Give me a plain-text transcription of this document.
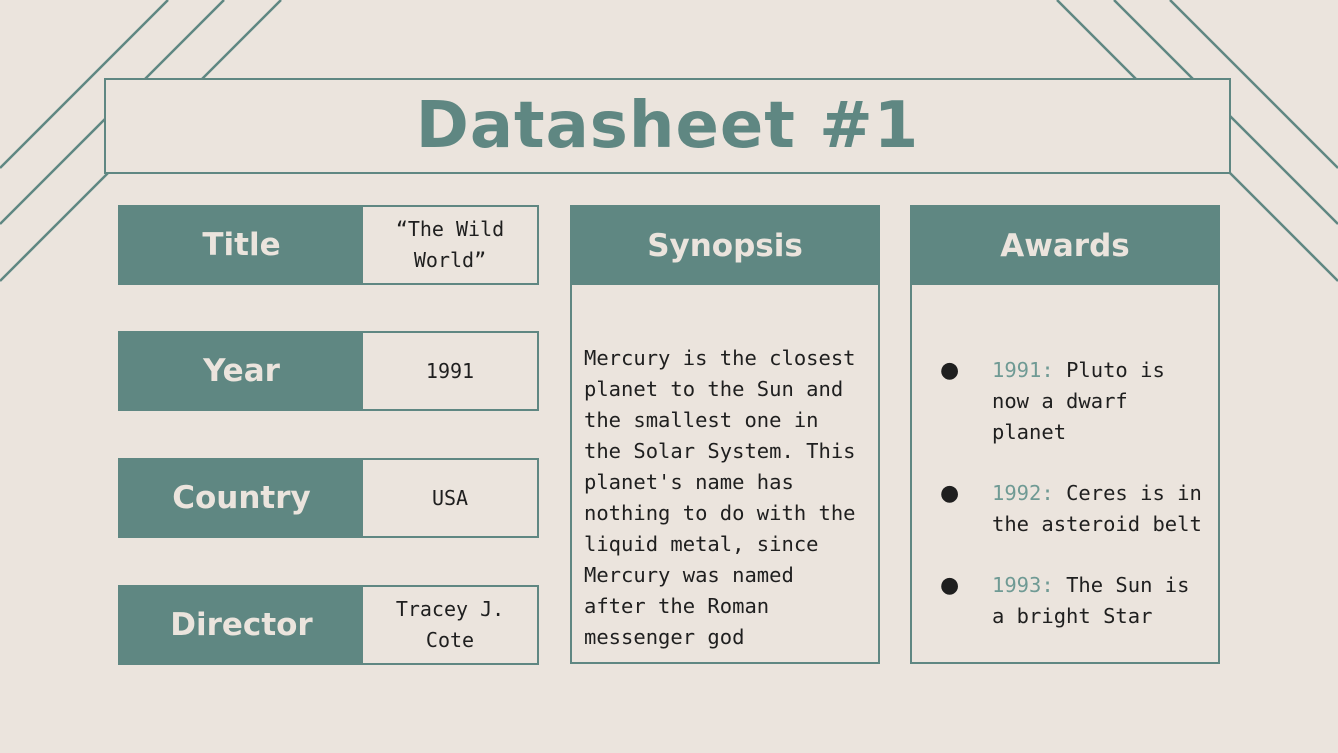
Datasheet #1
Title	“The Wild World”
Year	1991
Country	USA
Director	Tracey J. Cote
Synopsis
Mercury is the closest planet to the Sun and the smallest one in the Solar System. This planet's name has nothing to do with the liquid metal, since Mercury was named after the Roman messenger god
Awards
●	1991: Pluto is now a dwarf planet
●	1992: Ceres is in the asteroid belt
●	1993: The Sun is a bright Star
